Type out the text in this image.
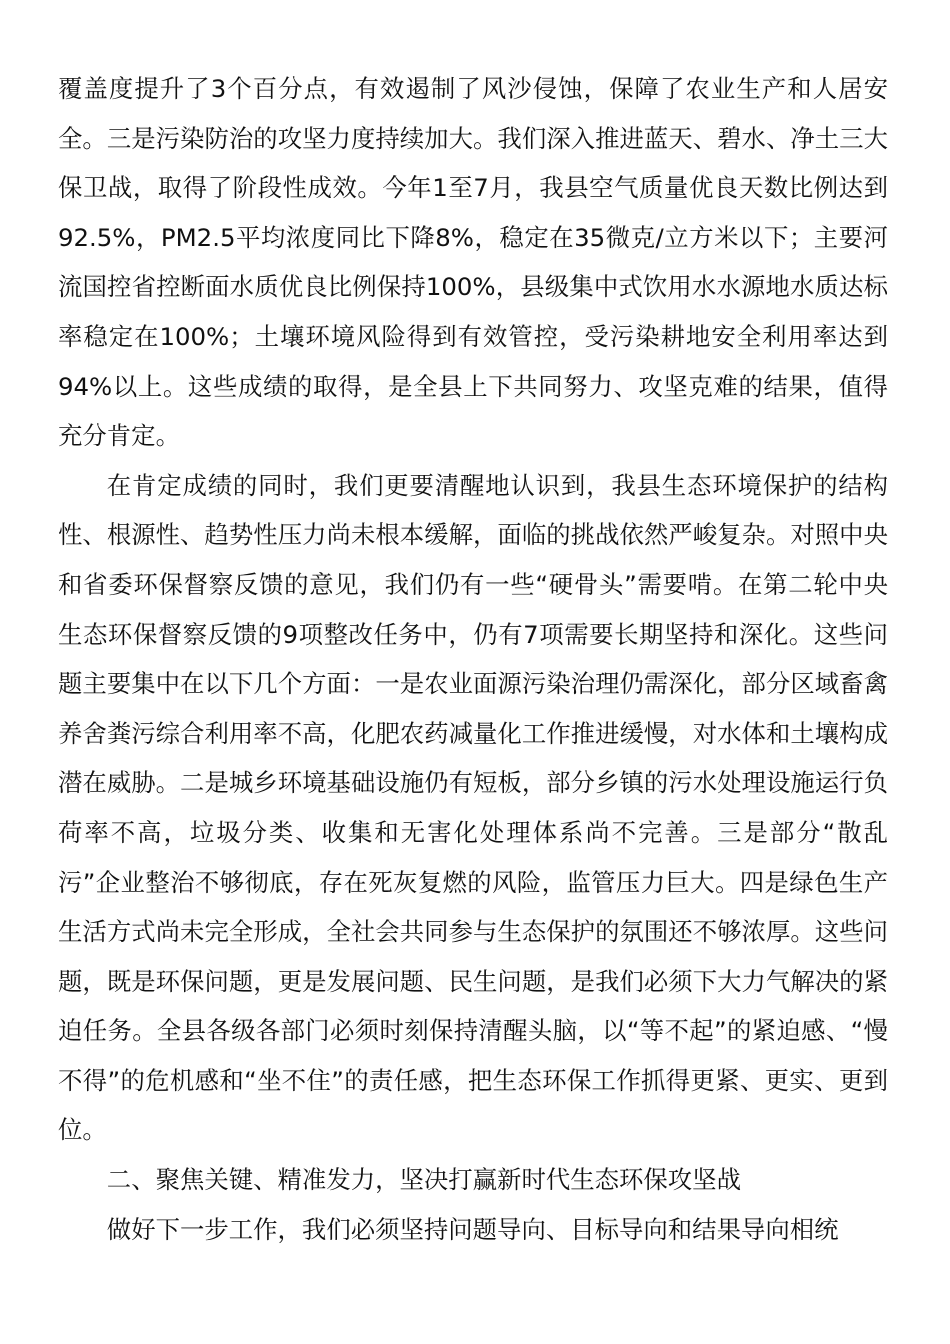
覆盖度提升了3个百分点，有效遏制了风沙侵蚀，保障了农业生产和人居安全。三是污染防治的攻坚力度持续加大。我们深入推进蓝天、碧水、净土三大保卫战，取得了阶段性成效。今年1至7月，我县空气质量优良天数比例达到92.5%，PM2.5平均浓度同比下降8%，稳定在35微克/立方米以下；主要河流国控省控断面水质优良比例保持100%，县级集中式饮用水水源地水质达标率稳定在100%；土壤环境风险得到有效管控，受污染耕地安全利用率达到94%以上。这些成绩的取得，是全县上下共同努力、攻坚克难的结果，值得充分肯定。

在肯定成绩的同时，我们更要清醒地认识到，我县生态环境保护的结构性、根源性、趋势性压力尚未根本缓解，面临的挑战依然严峻复杂。对照中央和省委环保督察反馈的意见，我们仍有一些“硬骨头”需要啃。在第二轮中央生态环保督察反馈的9项整改任务中，仍有7项需要长期坚持和深化。这些问题主要集中在以下几个方面：一是农业面源污染治理仍需深化，部分区域畜禽养舍粪污综合利用率不高，化肥农药减量化工作推进缓慢，对水体和土壤构成潜在威胁。二是城乡环境基础设施仍有短板，部分乡镇的污水处理设施运行负荷率不高，垃圾分类、收集和无害化处理体系尚不完善。三是部分“散乱污”企业整治不够彻底，存在死灰复燃的风险，监管压力巨大。四是绿色生产生活方式尚未完全形成，全社会共同参与生态保护的氛围还不够浓厚。这些问题，既是环保问题，更是发展问题、民生问题，是我们必须下大力气解决的紧迫任务。全县各级各部门必须时刻保持清醒头脑，以“等不起”的紧迫感、“慢不得”的危机感和“坐不住”的责任感，把生态环保工作抓得更紧、更实、更到位。

二、聚焦关键、精准发力，坚决打赢新时代生态环保攻坚战

做好下一步工作，我们必须坚持问题导向、目标导向和结果导向相统
